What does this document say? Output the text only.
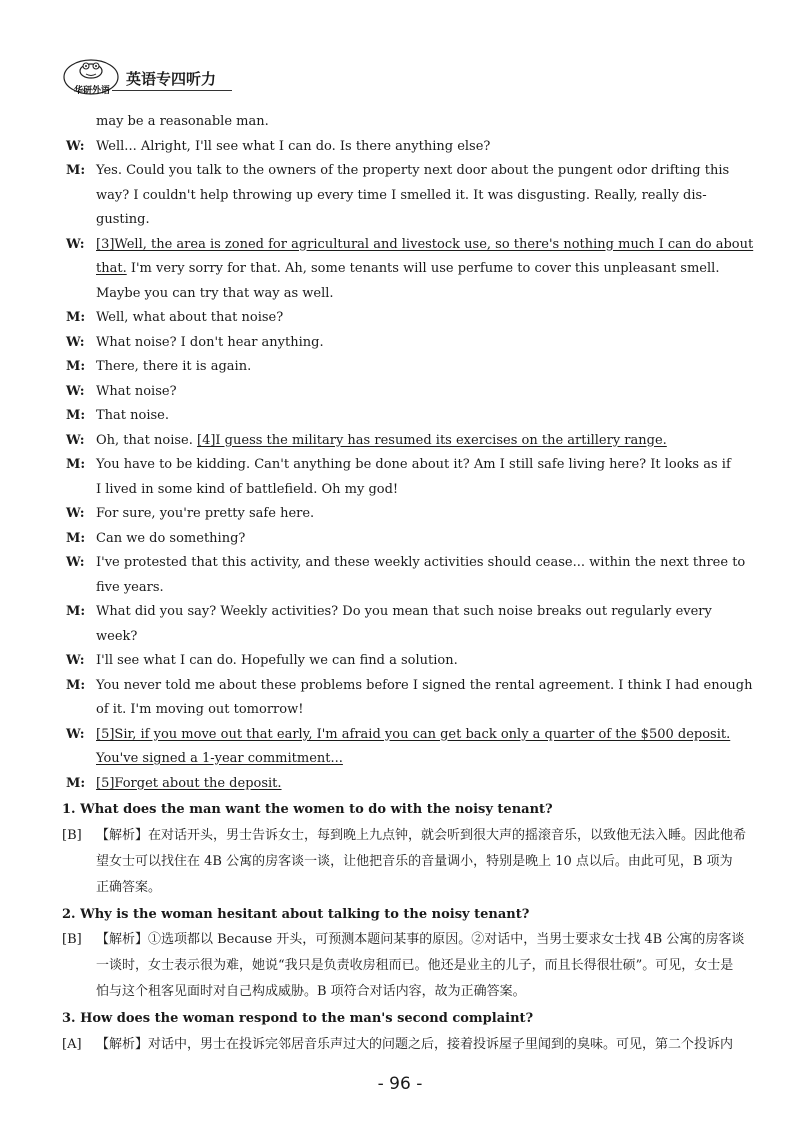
华研外语
英语专四听力

may be a reasonable man.

W: Well... Alright, I'll see what I can do. Is there anything else?

M: Yes. Could you talk to the owners of the property next door about the pungent odor drifting this

way? I couldn't help throwing up every time I smelled it. It was disgusting. Really, really dis-

gusting.

W: [3]Well, the area is zoned for agricultural and livestock use, so there's nothing much I can do about

that. I'm very sorry for that. Ah, some tenants will use perfume to cover this unpleasant smell.

Maybe you can try that way as well.

M: Well, what about that noise?

W: What noise? I don't hear anything.

M: There, there it is again.

W: What noise?

M: That noise.

W: Oh, that noise. [4]I guess the military has resumed its exercises on the artillery range.

M: You have to be kidding. Can't anything be done about it? Am I still safe living here? It looks as if

I lived in some kind of battlefield. Oh my god!

W: For sure, you're pretty safe here.

M: Can we do something?

W: I've protested that this activity, and these weekly activities should cease... within the next three to

five years.

M: What did you say? Weekly activities? Do you mean that such noise breaks out regularly every

week?

W: I'll see what I can do. Hopefully we can find a solution.

M: You never told me about these problems before I signed the rental agreement. I think I had enough

of it. I'm moving out tomorrow!

W: [5]Sir, if you move out that early, I'm afraid you can get back only a quarter of the $500 deposit.

You've signed a 1-year commitment...

M: [5]Forget about the deposit.

1. What does the man want the women to do with the noisy tenant?

[B] 【解析】在对话开头，男士告诉女士，每到晚上九点钟，就会听到很大声的摇滚音乐，以致他无法入睡。因此他希
望女士可以找住在 4B 公寓的房客谈一谈，让他把音乐的音量调小，特别是晚上 10 点以后。由此可见，B 项为
正确答案。

2. Why is the woman hesitant about talking to the noisy tenant?

[B] 【解析】①选项都以 Because 开头，可预测本题问某事的原因。②对话中，当男士要求女士找 4B 公寓的房客谈
一谈时，女士表示很为难，她说“我只是负责收房租而已。他还是业主的儿子，而且长得很壮硕”。可见，女士是
怕与这个租客见面时对自己构成威胁。B 项符合对话内容，故为正确答案。

3. How does the woman respond to the man's second complaint?

[A] 【解析】对话中，男士在投诉完邻居音乐声过大的问题之后，接着投诉屋子里闻到的臭味。可见，第二个投诉内
- 96 -
